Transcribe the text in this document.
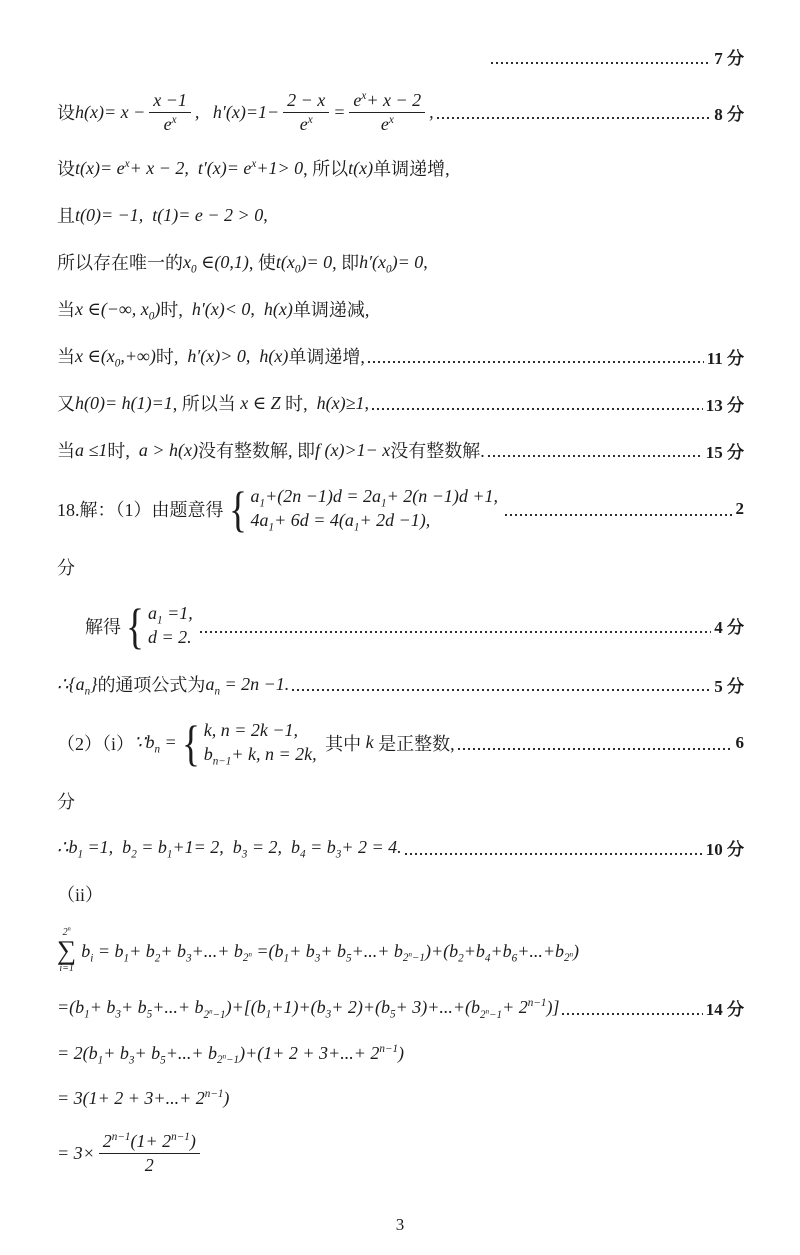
7 分
设 $h(x)= x - \frac{x -1}{e^x}$ ,   $h'(x)=1- \frac{2 - x}{e^x} = \frac{e^x+ x - 2}{e^x}$ ,	8 分
设 $t(x)= e^x+ x - 2$,  $t'(x)= e^x+1> 0$ , 所以 t(x) 单调递增,
且 t(0)= −1,  t(1)= e − 2 > 0 ,
所以存在唯一的 $x_0$ ∈(0,1) , 使 $t(x_0)= 0$ , 即 $h'(x_0)= 0$ ,
当 x ∈(−∞, $x_0$) 时, h′(x)< 0 , h(x) 单调递减,
当 x $\in(x_0,+\infty)$ 时, h′(x)> 0 , h(x) 单调递增,	11 分
又 h(0)= h(1)=1 , 所以当 x ∈ Z 时, h(x)≥1 ,	13 分
当 a ≤1 时, a > h(x) 没有整数解, 即 f (x)>1− x 没有整数解.	15 分
18.解：（1）由题意得 { $a_1+(2n -1)d = 2a_1+ 2(n -1)d +1$,
$4a_1+ 6d = 4(a_1+ 2d -1)$,
2
分
解得 { $a_1 =1$,
d = 2.	4 分
$\therefore\{a_n\}$ 的通项公式为 $a_n = 2n -1$.	5 分
（2）（i） $\because b_n$ = { k, n = 2k −1,
$b_{n-1}+ k$, n = 2k,
其中 k 是正整数,	6
分
$\therefore b_1 =1$,  $b_2 = b_1+1= 2$,  $b_3 = 2$,  $b_4 = b_3+ 2 = 4$.	10 分
（ii）
2$^n$
∑
i=1
$b_i = b_1+ b_2+ b_3+...+ b_{2^n} =(b_1+ b_3+ b_5+...+ b_{2^n-1})+(b_2+b_4+b_6+...+b_{2^n})$
$=(b_1+ b_3+ b_5+...+ b_{2^n-1})+[(b_1+1)+(b_3+ 2)+(b_5+ 3)+...+(b_{2^n-1}+ 2^{n-1})]$	14 分
= $2(b_1+ b_3+ b_5+...+ b_{2^n-1})+(1+ 2 + 3+...+ 2^{n-1})$
= $3(1+ 2 + 3+...+ 2^{n-1})$
= $3\times \frac{2^{n-1}(1+ 2^{n-1})}{2}$
3
